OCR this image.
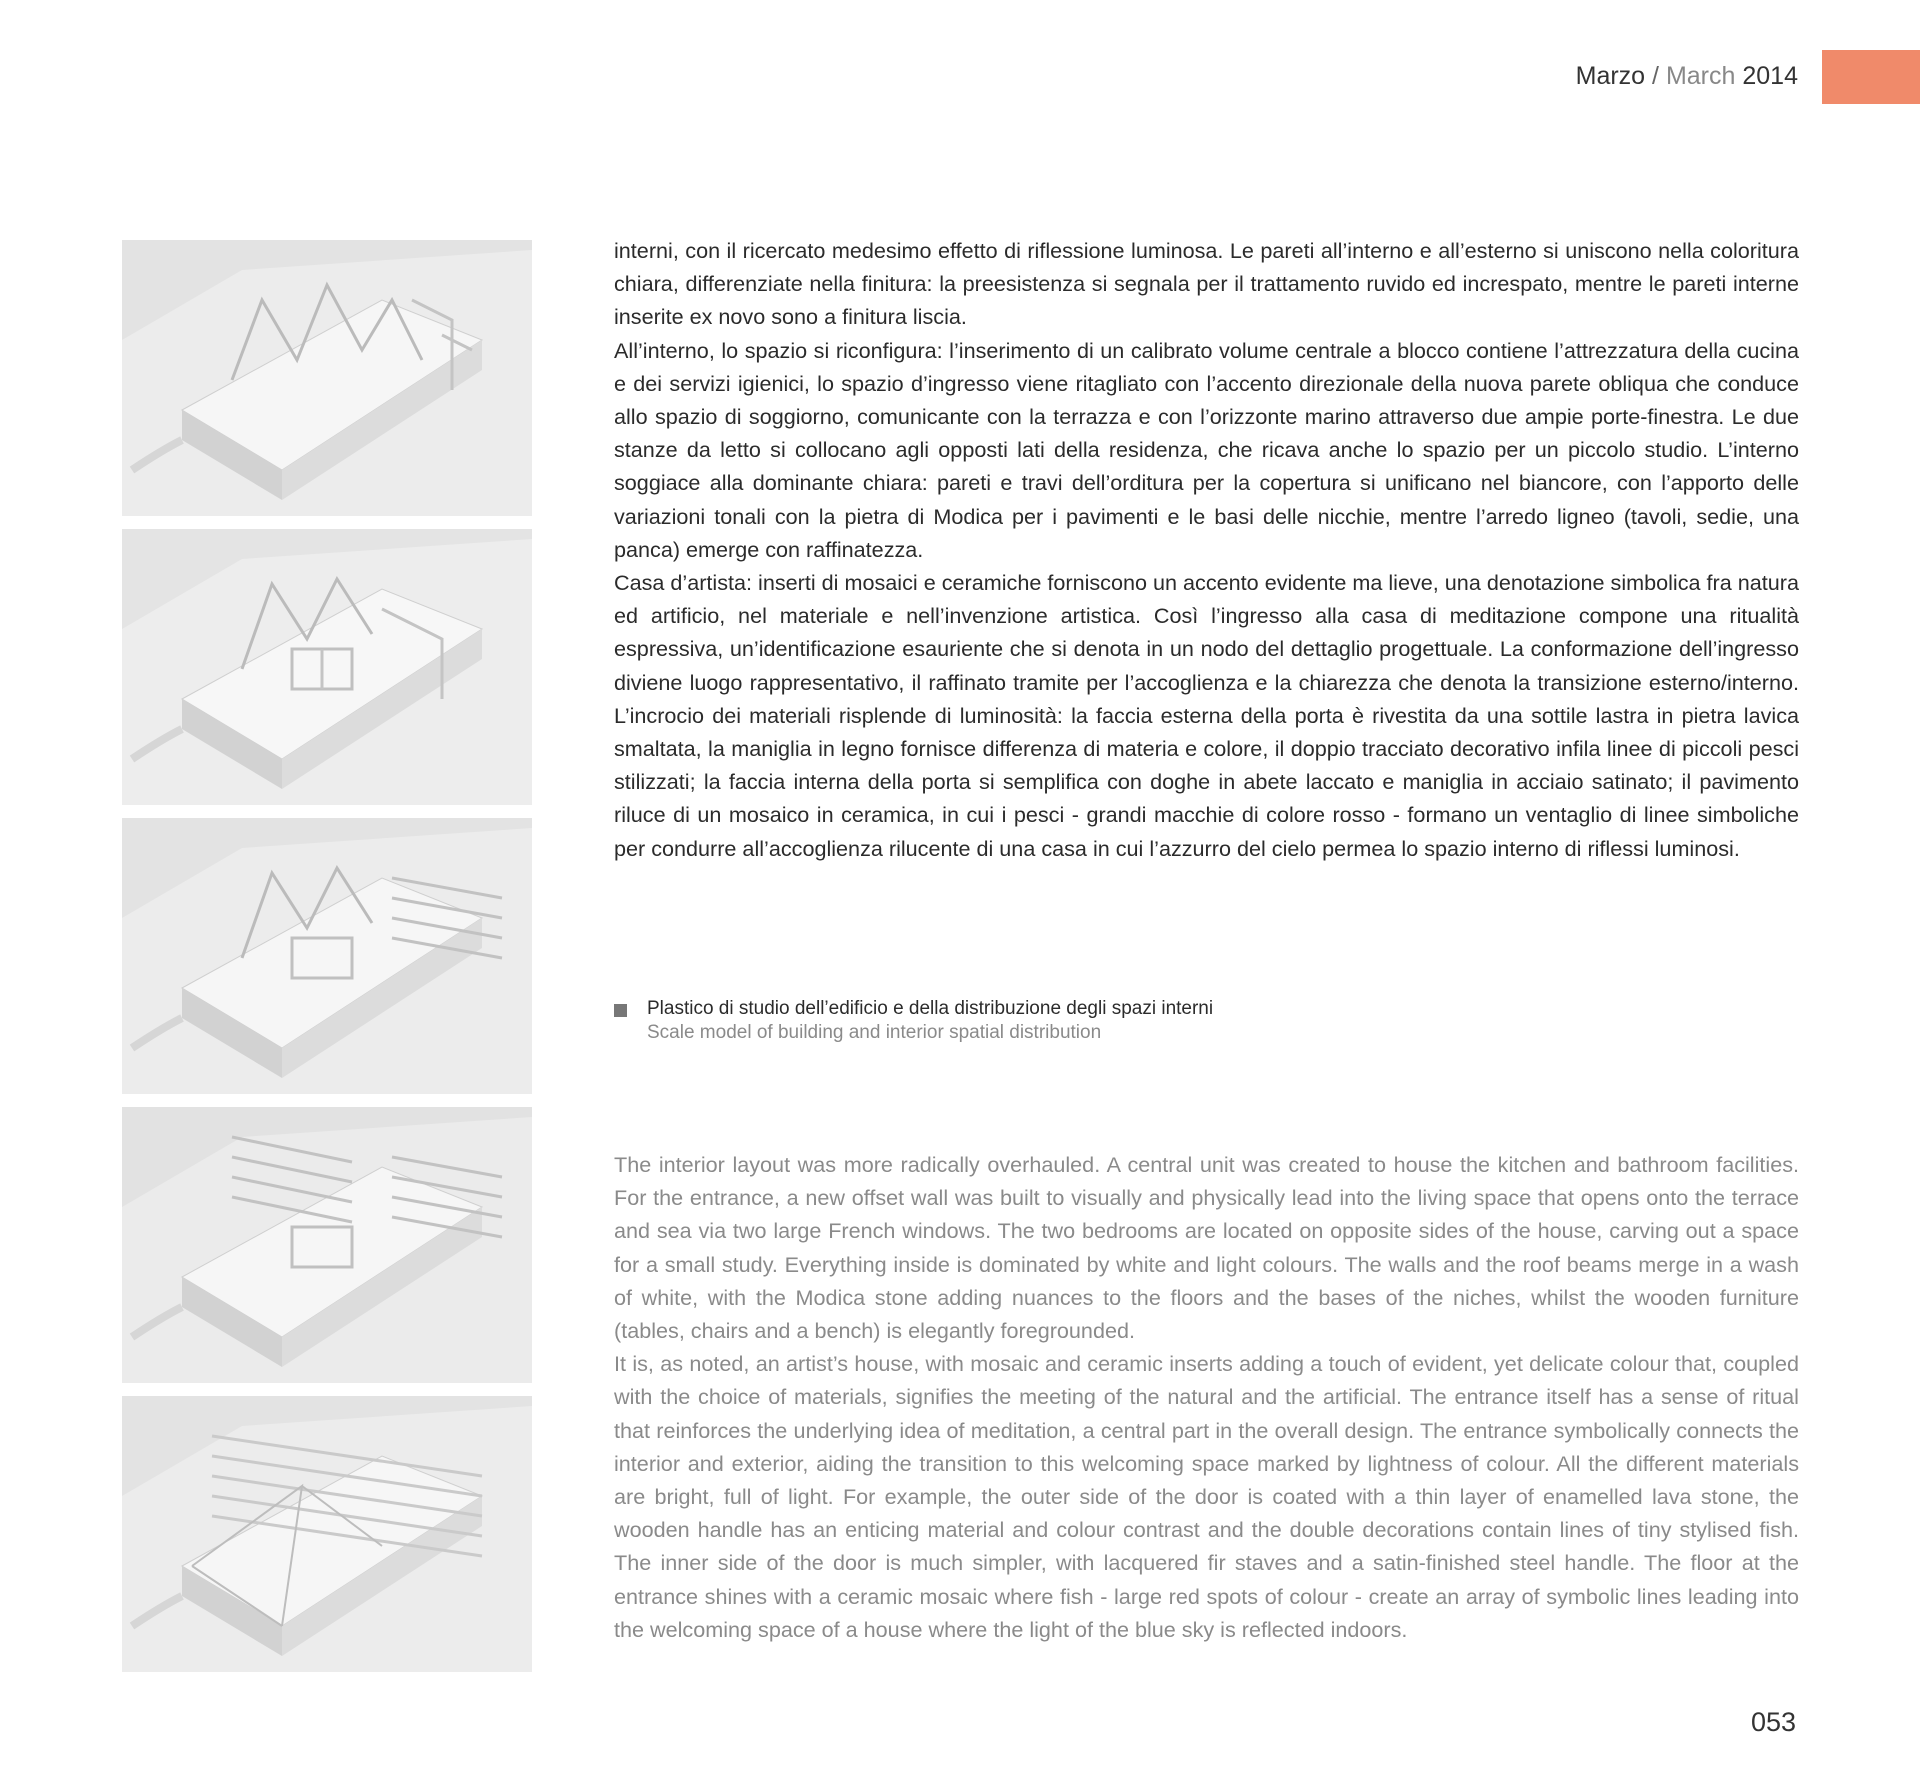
Marzo / March 2014

interni, con il ricercato medesimo effetto di riflessione luminosa. Le pareti all’interno e all’esterno si uniscono nella coloritura chiara, differenziate nella finitura: la preesistenza si segnala per il trattamento ruvido ed increspato, mentre le pareti interne inserite ex novo sono a finitura liscia.

All’interno, lo spazio si riconfigura: l’inserimento di un calibrato volume centrale a blocco contiene l’attrezzatura della cucina e dei servizi igienici, lo spazio d’ingresso viene ritagliato con l’accento direzionale della nuova parete obliqua che conduce allo spazio di soggiorno, comunicante con la terrazza e con l’orizzonte marino attraverso due ampie porte-finestra. Le due stanze da letto si collocano agli opposti lati della residenza, che ricava anche lo spazio per un piccolo studio. L’interno soggiace alla dominante chiara: pareti e travi dell’orditura per la copertura si unificano nel biancore, con l’apporto delle variazioni tonali con la pietra di Modica per i pavimenti e le basi delle nicchie, mentre l’arredo ligneo (tavoli, sedie, una panca) emerge con raffinatezza.

Casa d’artista: inserti di mosaici e ceramiche forniscono un accento evidente ma lieve, una denotazione simbolica fra natura ed artificio, nel materiale e nell’invenzione artistica. Così l’ingresso alla casa di meditazione compone una ritualità espressiva, un’identificazione esauriente che si denota in un nodo del dettaglio progettuale. La conformazione dell’ingresso diviene luogo rappresentativo, il raffinato tramite per l’accoglienza e la chiarezza che denota la transizione esterno/interno. L’incrocio dei materiali risplende di luminosità: la faccia esterna della porta è rivestita da una sottile lastra in pietra lavica smaltata, la maniglia in legno fornisce differenza di materia e colore, il doppio tracciato decorativo infila linee di piccoli pesci stilizzati; la faccia interna della porta si semplifica con doghe in abete laccato e maniglia in acciaio satinato; il pavimento riluce di un mosaico in ceramica, in cui i pesci - grandi macchie di colore rosso - formano un ventaglio di linee simboliche per condurre all’accoglienza rilucente di una casa in cui l’azzurro del cielo permea lo spazio interno di riflessi luminosi.

Plastico di studio dell’edificio e della distribuzione degli spazi interni
Scale model of building and interior spatial distribution

The interior layout was more radically overhauled. A central unit was created to house the kitchen and bathroom facilities. For the entrance, a new offset wall was built to visually and physically lead into the living space that opens onto the terrace and sea via two large French windows. The two bedrooms are located on opposite sides of the house, carving out a space for a small study. Everything inside is dominated by white and light colours. The walls and the roof beams merge in a wash of white, with the Modica stone adding nuances to the floors and the bases of the niches, whilst the wooden furniture (tables, chairs and a bench) is elegantly foregrounded.

It is, as noted, an artist’s house, with mosaic and ceramic inserts adding a touch of evident, yet delicate colour that, coupled with the choice of materials, signifies the meeting of the natural and the artificial. The entrance itself has a sense of ritual that reinforces the underlying idea of meditation, a central part in the overall design. The entrance symbolically connects the interior and exterior, aiding the transition to this welcoming space marked by lightness of colour. All the different materials are bright, full of light. For example, the outer side of the door is coated with a thin layer of enamelled lava stone, the wooden handle has an enticing material and colour contrast and the double decorations contain lines of tiny stylised fish. The inner side of the door is much simpler, with lacquered fir staves and a satin-finished steel handle. The floor at the entrance shines with a ceramic mosaic where fish - large red spots of colour - create an array of symbolic lines leading into the welcoming space of a house where the light of the blue sky is reflected indoors.

053
